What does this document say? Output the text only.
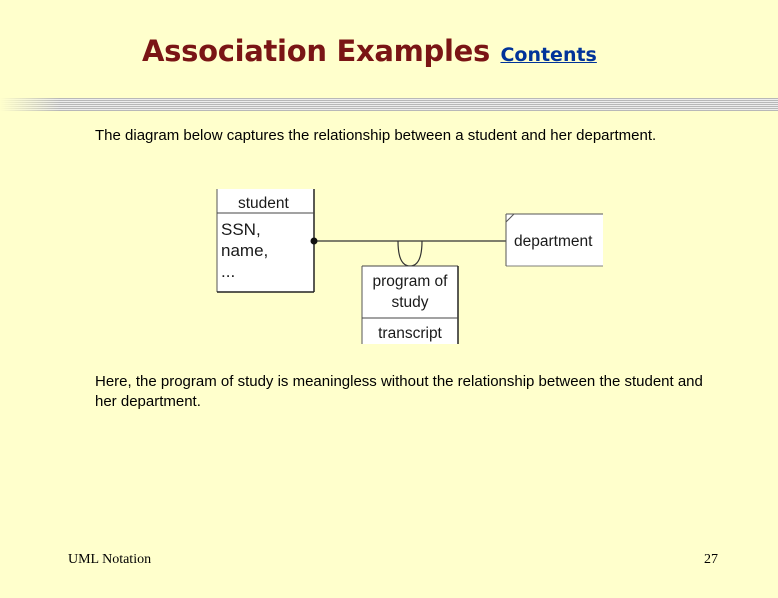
Association Examples Contents
The diagram below captures the relationship between a student and her department.
student
SSN,
name,
...
department
program of
study
transcript
Here, the program of study is meaningless without the relationship between the student and her department.
UML Notation	27
